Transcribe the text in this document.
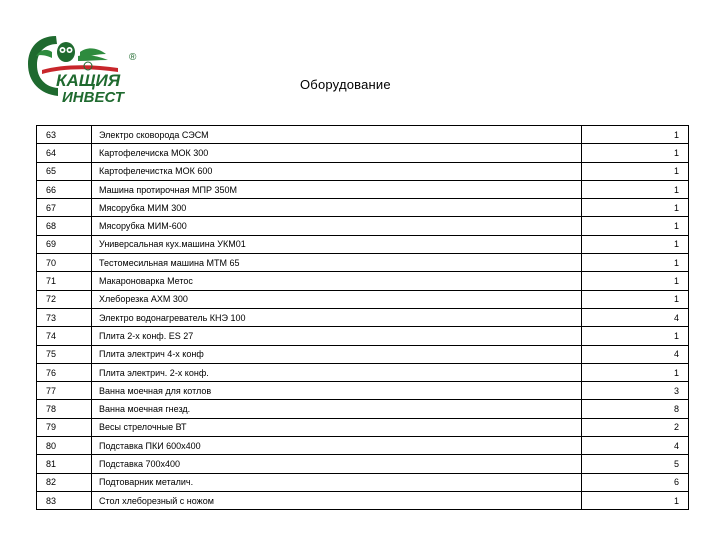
®
КАЩИЯ
ИНВЕСТ
Оборудование
63	Электро сковорода СЭСМ	1
64	Картофелечиска МОК 300	1
65	Картофелечистка МОК 600	1
66	Машина протирочная МПР 350М	1
67	Мясорубка МИМ 300	1
68	Мясорубка МИМ-600	1
69	Универсальная кух.машина УКМ01	1
70	Тестомесильная машина МТМ 65	1
71	Макароноварка Метос	1
72	Хлеборезка АХМ 300	1
73	Электро водонагреватель КНЭ 100	4
74	Плита 2-х конф. ES 27	1
75	Плита электрич 4-х конф	4
76	Плита электрич. 2-х конф.	1
77	Ванна моечная для котлов	3
78	Ванна моечная гнезд.	8
79	Весы стрелочные ВТ	2
80	Подставка ПКИ 600х400	4
81	Подставка 700х400	5
82	Подтоварник металич.	6
83	Стол хлеборезный с ножом	1
